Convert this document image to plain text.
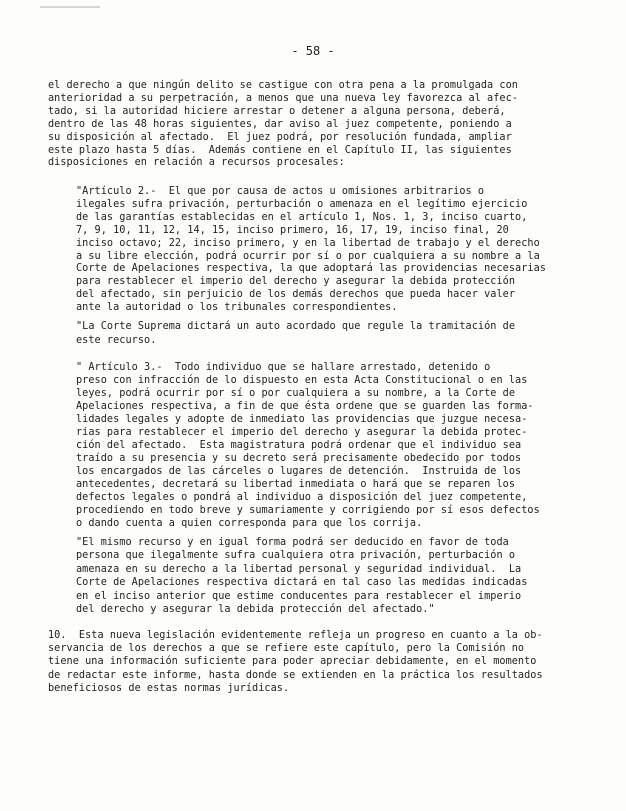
- 58 -
el derecho a que ningún delito se castigue con otra pena a la promulgada con
anterioridad a su perpetración, a menos que una nueva ley favorezca al afec-
tado, si la autoridad hiciere arrestar o detener a alguna persona, deberá,
dentro de las 48 horas siguientes, dar aviso al juez competente, poniendo a
su disposición al afectado.  El juez podrá, por resolución fundada, ampliar
este plazo hasta 5 días.  Además contiene en el Capítulo II, las siguientes
disposiciones en relación a recursos procesales:
"Artículo 2.-  El que por causa de actos u omisiones arbitrarios o
ilegales sufra privación, perturbación o amenaza en el legítimo ejercicio
de las garantías establecidas en el artículo 1, Nos. 1, 3, inciso cuarto,
7, 9, 10, 11, 12, 14, 15, inciso primero, 16, 17, 19, inciso final, 20
inciso octavo; 22, inciso primero, y en la libertad de trabajo y el derecho
a su libre elección, podrá ocurrir por sí o por cualquiera a su nombre a la
Corte de Apelaciones respectiva, la que adoptará las providencias necesarias
para restablecer el imperio del derecho y asegurar la debida protección
del afectado, sin perjuicio de los demás derechos que pueda hacer valer
ante la autoridad o los tribunales correspondientes.
"La Corte Suprema dictará un auto acordado que regule la tramitación de
este recurso.
" Artículo 3.-  Todo individuo que se hallare arrestado, detenido o
preso con infracción de lo dispuesto en esta Acta Constitucional o en las
leyes, podrá ocurrir por sí o por cualquiera a su nombre, a la Corte de
Apelaciones respectiva, a fin de que ésta ordene que se guarden las forma-
lidades legales y adopte de inmediato las providencias que juzgue necesa-
rias para restablecer el imperio del derecho y asegurar la debida protec-
ción del afectado.  Esta magistratura podrá ordenar que el individuo sea
traído a su presencia y su decreto será precisamente obedecido por todos
los encargados de las cárceles o lugares de detención.  Instruida de los
antecedentes, decretará su libertad inmediata o hará que se reparen los
defectos legales o pondrá al individuo a disposición del juez competente,
procediendo en todo breve y sumariamente y corrigiendo por sí esos defectos
o dando cuenta a quien corresponda para que los corrija.
"El mismo recurso y en igual forma podrá ser deducido en favor de toda
persona que ilegalmente sufra cualquiera otra privación, perturbación o
amenaza en su derecho a la libertad personal y seguridad individual.  La
Corte de Apelaciones respectiva dictará en tal caso las medidas indicadas
en el inciso anterior que estime conducentes para restablecer el imperio
del derecho y asegurar la debida protección del afectado."
10.  Esta nueva legislación evidentemente refleja un progreso en cuanto a la ob-
servancia de los derechos a que se refiere este capítulo, pero la Comisión no
tiene una información suficiente para poder apreciar debidamente, en el momento
de redactar este informe, hasta donde se extienden en la práctica los resultados
beneficiosos de estas normas jurídicas.
